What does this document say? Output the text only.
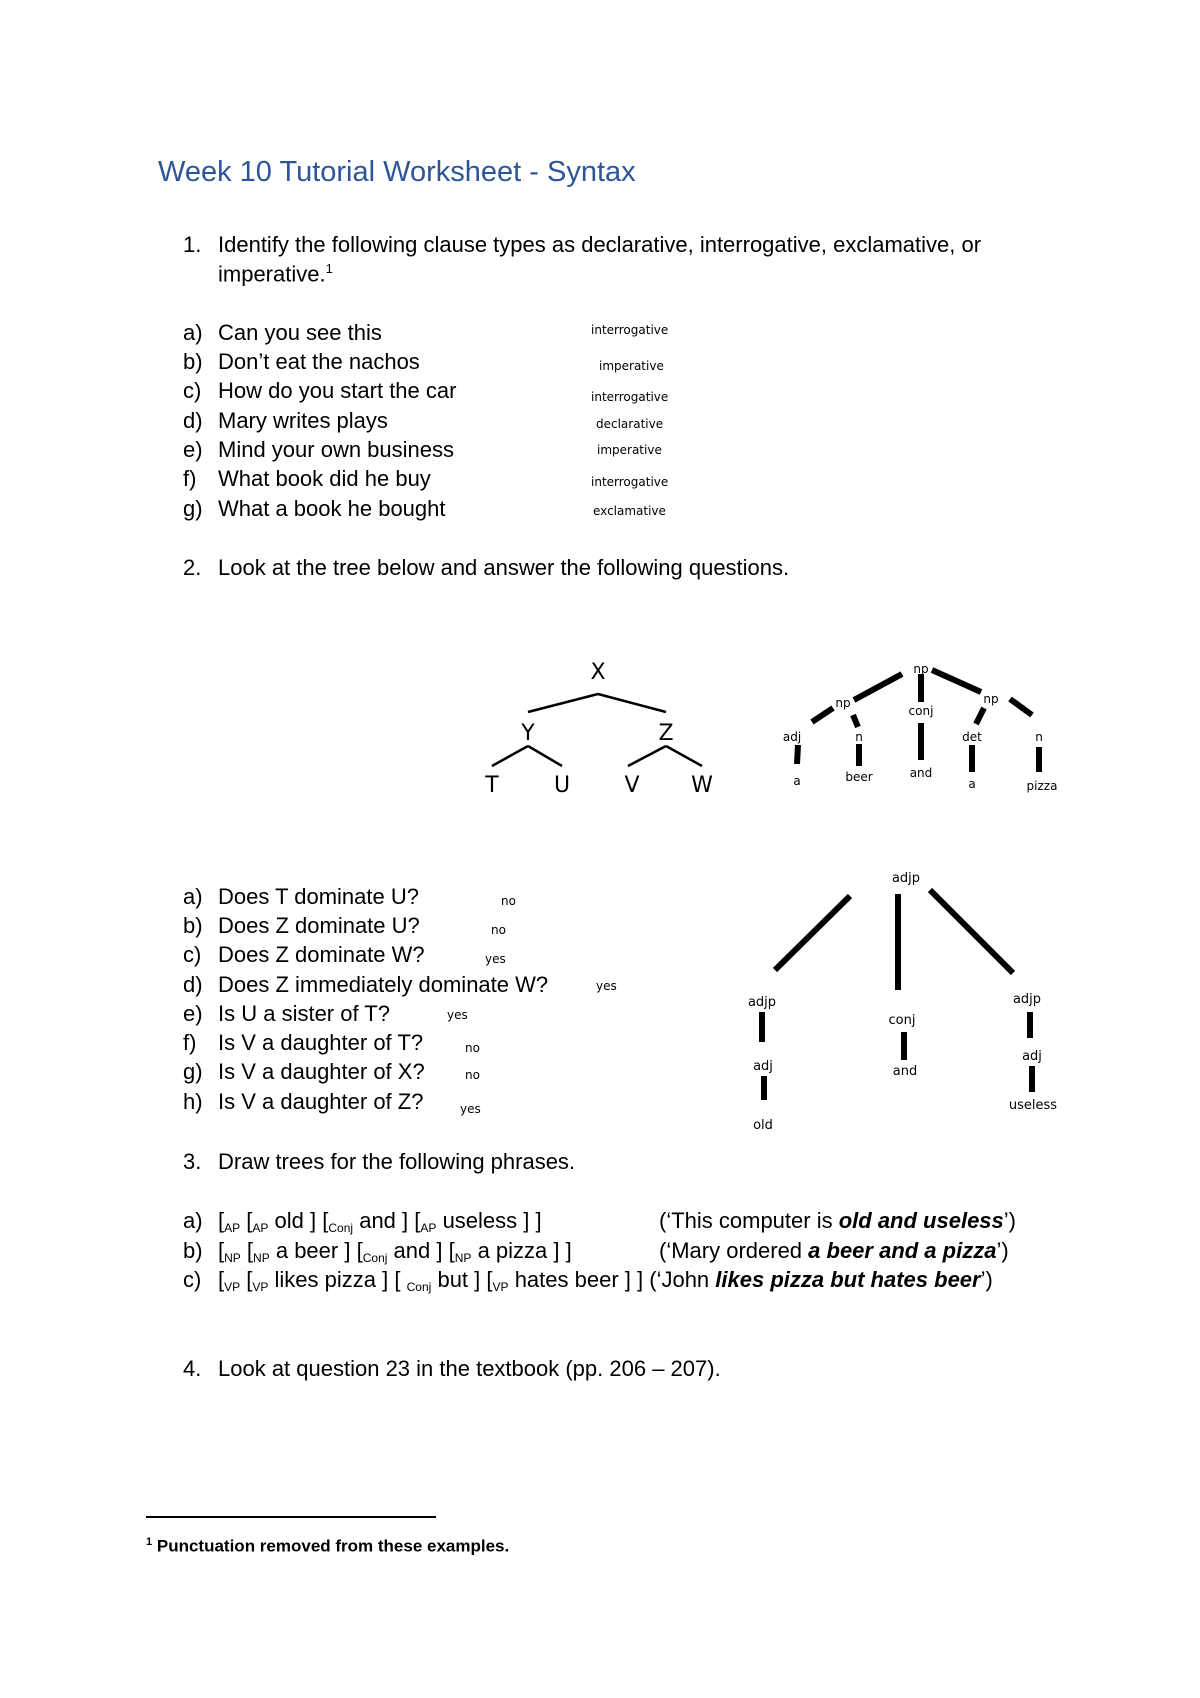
Week 10 Tutorial Worksheet - Syntax
1. Identify the following clause types as declarative, interrogative, exclamative, or
imperative.$^1$
a) Can you see this	interrogative
b) Don’t eat the nachos	imperative
c) How do you start the car	interrogative
d) Mary writes plays	declarative
e) Mind your own business	imperative
f) What book did he buy	interrogative
g) What a book he bought	exclamative
2. Look at the tree below and answer the following questions.
X
Y	Z
T	U V W
np
np
conj
np
adj	n	det	n
a	beer	and
a	pizza
a) Does T dominate U?	no
b) Does Z dominate U?	no
c) Does Z dominate W?	yes
d) Does Z immediately dominate W?	yes
e) Is U a sister of T?	yes
f) Is V a daughter of T?	no
g) Is V a daughter of X?	no
h) Is V a daughter of Z?	yes
adjp
adjp
conj
adjp
adj
adj
old
and
useless
3. Draw trees for the following phrases.
a) [$_{AP}$ [$_{AP}$ old ] [$_{Conj}$ and ] [$_{AP}$ useless ] ]	(‘This computer is old and useless’)
b) [$_{NP}$ [$_{NP}$ a beer ] [$_{Conj}$ and ] [$_{NP}$ a pizza ] ]	(‘Mary ordered a beer and a pizza’)
c) [$_{VP}$ [$_{VP}$ likes pizza ] [ $_{Conj}$ but ] [$_{VP}$ hates beer ] ] (‘John likes pizza but hates beer’)
4. Look at question 23 in the textbook (pp. 206 – 207).
$^1$ Punctuation removed from these examples.
